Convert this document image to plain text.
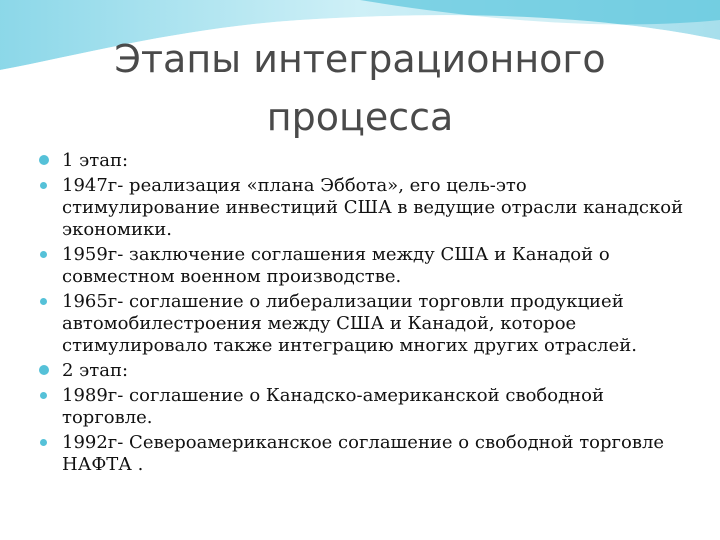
Этапы интеграционного
процесса
1 этап:
1947г- реализация «плана Эббота», его цель-это стимулирование инвестиций США в ведущие отрасли канадской экономики.
1959г- заключение соглашения между США и Канадой о совместном военном производстве.
1965г- соглашение о либерализации торговли продукцией автомобилестроения между США и Канадой, которое стимулировало также интеграцию многих других отраслей.
2 этап:
1989г- соглашение о Канадско-американской свободной торговле.
1992г- Североамериканское соглашение о свободной торговле НАФТА .
